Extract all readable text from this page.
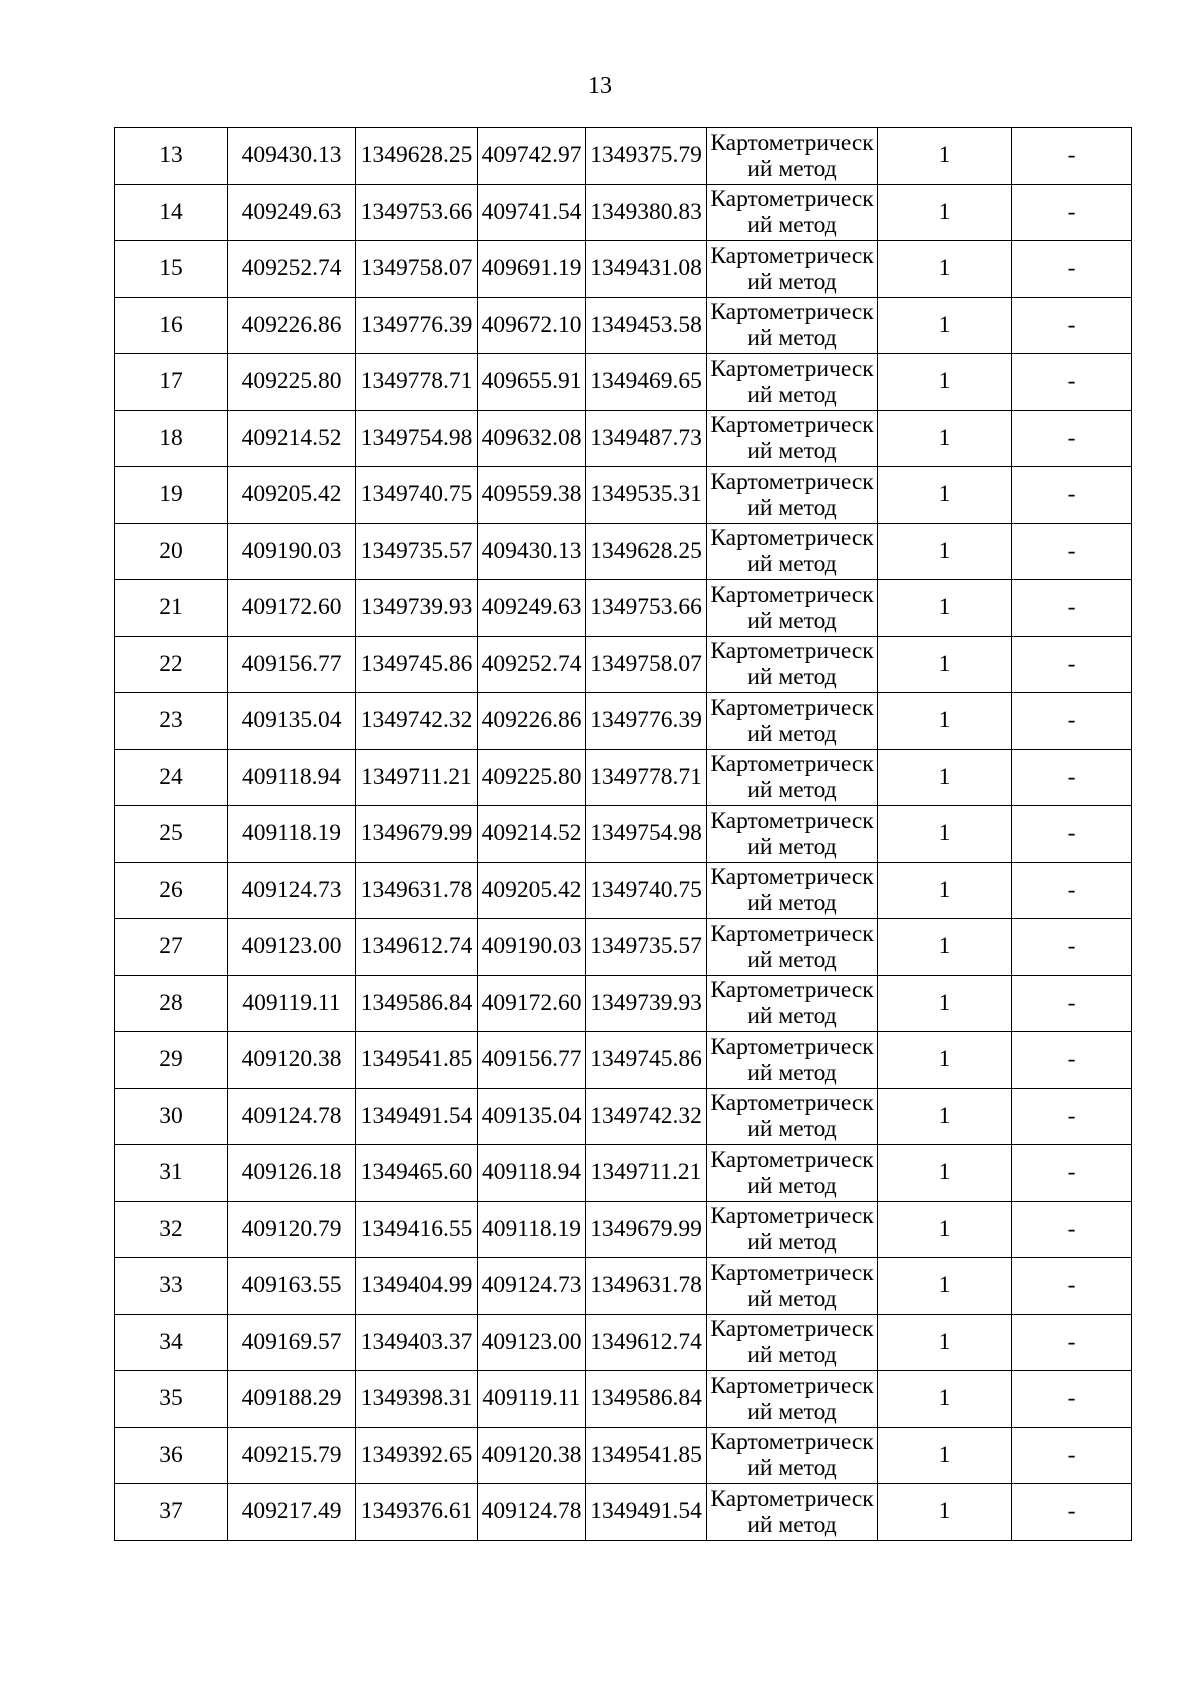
13
13	409430.13	1349628.25	409742.97	1349375.79	Картометрическ
ий метод	1	-
14	409249.63	1349753.66	409741.54	1349380.83	Картометрическ
ий метод	1	-
15	409252.74	1349758.07	409691.19	1349431.08	Картометрическ
ий метод	1	-
16	409226.86	1349776.39	409672.10	1349453.58	Картометрическ
ий метод	1	-
17	409225.80	1349778.71	409655.91	1349469.65	Картометрическ
ий метод	1	-
18	409214.52	1349754.98	409632.08	1349487.73	Картометрическ
ий метод	1	-
19	409205.42	1349740.75	409559.38	1349535.31	Картометрическ
ий метод	1	-
20	409190.03	1349735.57	409430.13	1349628.25	Картометрическ
ий метод	1	-
21	409172.60	1349739.93	409249.63	1349753.66	Картометрическ
ий метод	1	-
22	409156.77	1349745.86	409252.74	1349758.07	Картометрическ
ий метод	1	-
23	409135.04	1349742.32	409226.86	1349776.39	Картометрическ
ий метод	1	-
24	409118.94	1349711.21	409225.80	1349778.71	Картометрическ
ий метод	1	-
25	409118.19	1349679.99	409214.52	1349754.98	Картометрическ
ий метод	1	-
26	409124.73	1349631.78	409205.42	1349740.75	Картометрическ
ий метод	1	-
27	409123.00	1349612.74	409190.03	1349735.57	Картометрическ
ий метод	1	-
28	409119.11	1349586.84	409172.60	1349739.93	Картометрическ
ий метод	1	-
29	409120.38	1349541.85	409156.77	1349745.86	Картометрическ
ий метод	1	-
30	409124.78	1349491.54	409135.04	1349742.32	Картометрическ
ий метод	1	-
31	409126.18	1349465.60	409118.94	1349711.21	Картометрическ
ий метод	1	-
32	409120.79	1349416.55	409118.19	1349679.99	Картометрическ
ий метод	1	-
33	409163.55	1349404.99	409124.73	1349631.78	Картометрическ
ий метод	1	-
34	409169.57	1349403.37	409123.00	1349612.74	Картометрическ
ий метод	1	-
35	409188.29	1349398.31	409119.11	1349586.84	Картометрическ
ий метод	1	-
36	409215.79	1349392.65	409120.38	1349541.85	Картометрическ
ий метод	1	-
37	409217.49	1349376.61	409124.78	1349491.54	Картометрическ
ий метод	1	-
